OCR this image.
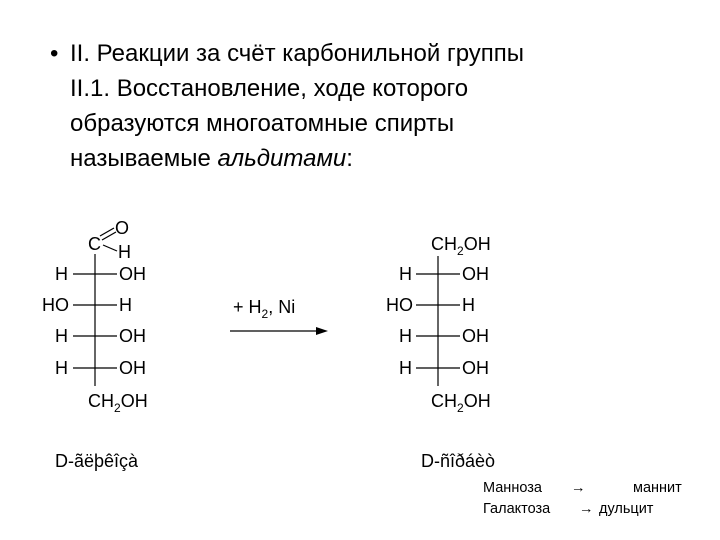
• II. Реакции за счёт карбонильной группы
II.1. Восстановление, ходе которого
образуются многоатомные спирты
называемые альдитами:
C
O
H
H	OH
HO	H
H	OH
H	OH
$CH_2OH$
D-ãëþêîçà
+ $H_2$, Ni
$CH_2OH$
H	OH
HO	H
H	OH
H	OH
$CH_2OH$
D-ñîðáèò
Манноза →	маннит
Галактоза → дульцит
